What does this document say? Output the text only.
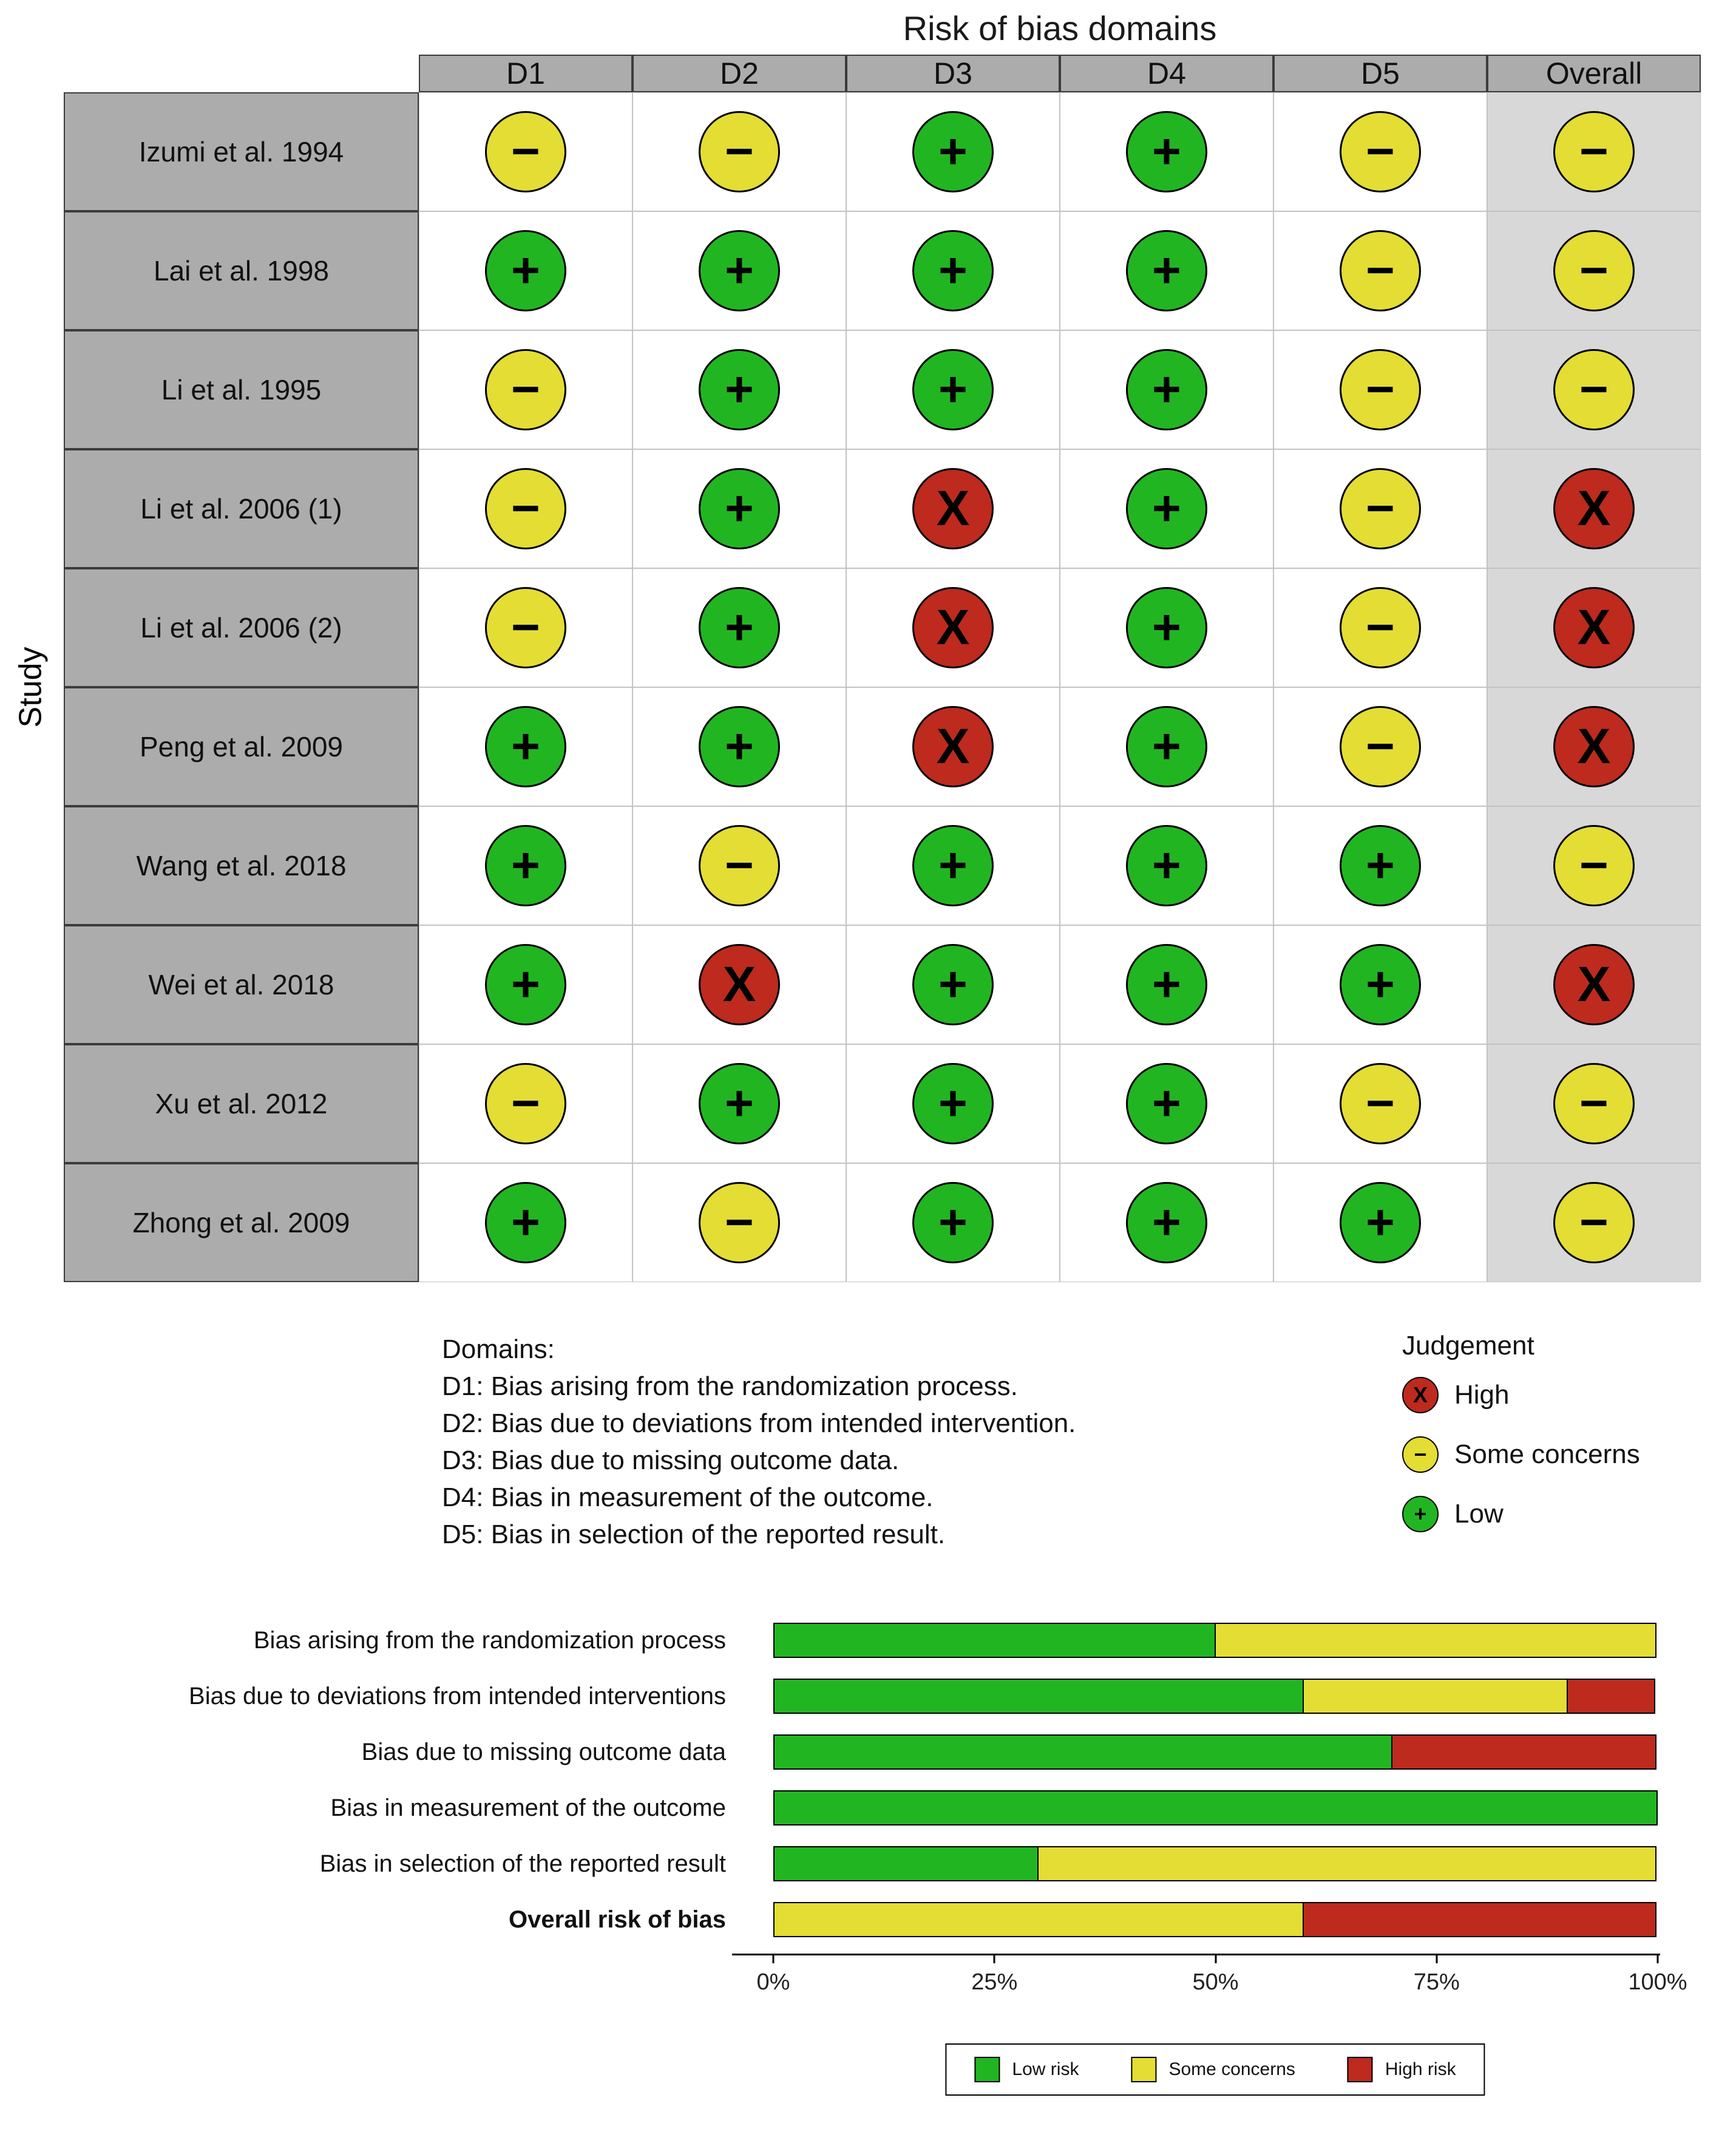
Risk of bias domains
Study
D1	D2	D3	D4	D5	Overall
Izumi et al. 1994	−	−	+	+	−	−
Lai et al. 1998	+	+	+	+	−	−
Li et al. 1995	−	+	+	+	−	−
Li et al. 2006 (1)	−	+	X	+	−	X
Li et al. 2006 (2)	−	+	X	+	−	X
Peng et al. 2009	+	+	X	+	−	X
Wang et al. 2018	+	−	+	+	+	−
Wei et al. 2018	+	X	+	+	+	X
Xu et al. 2012	−	+	+	+	−	−
Zhong et al. 2009	+	−	+	+	+	−
Domains:
D1: Bias arising from the randomization process.
D2: Bias due to deviations from intended intervention.
D3: Bias due to missing outcome data.
D4: Bias in measurement of the outcome.
D5: Bias in selection of the reported result.
Judgement
X	High
−	Some concerns
+	Low
Bias arising from the randomization process
Bias due to deviations from intended interventions
Bias due to missing outcome data
Bias in measurement of the outcome
Bias in selection of the reported result
Overall risk of bias
0%	25%	50%	75%	100%
Low risk	Some concerns	High risk
